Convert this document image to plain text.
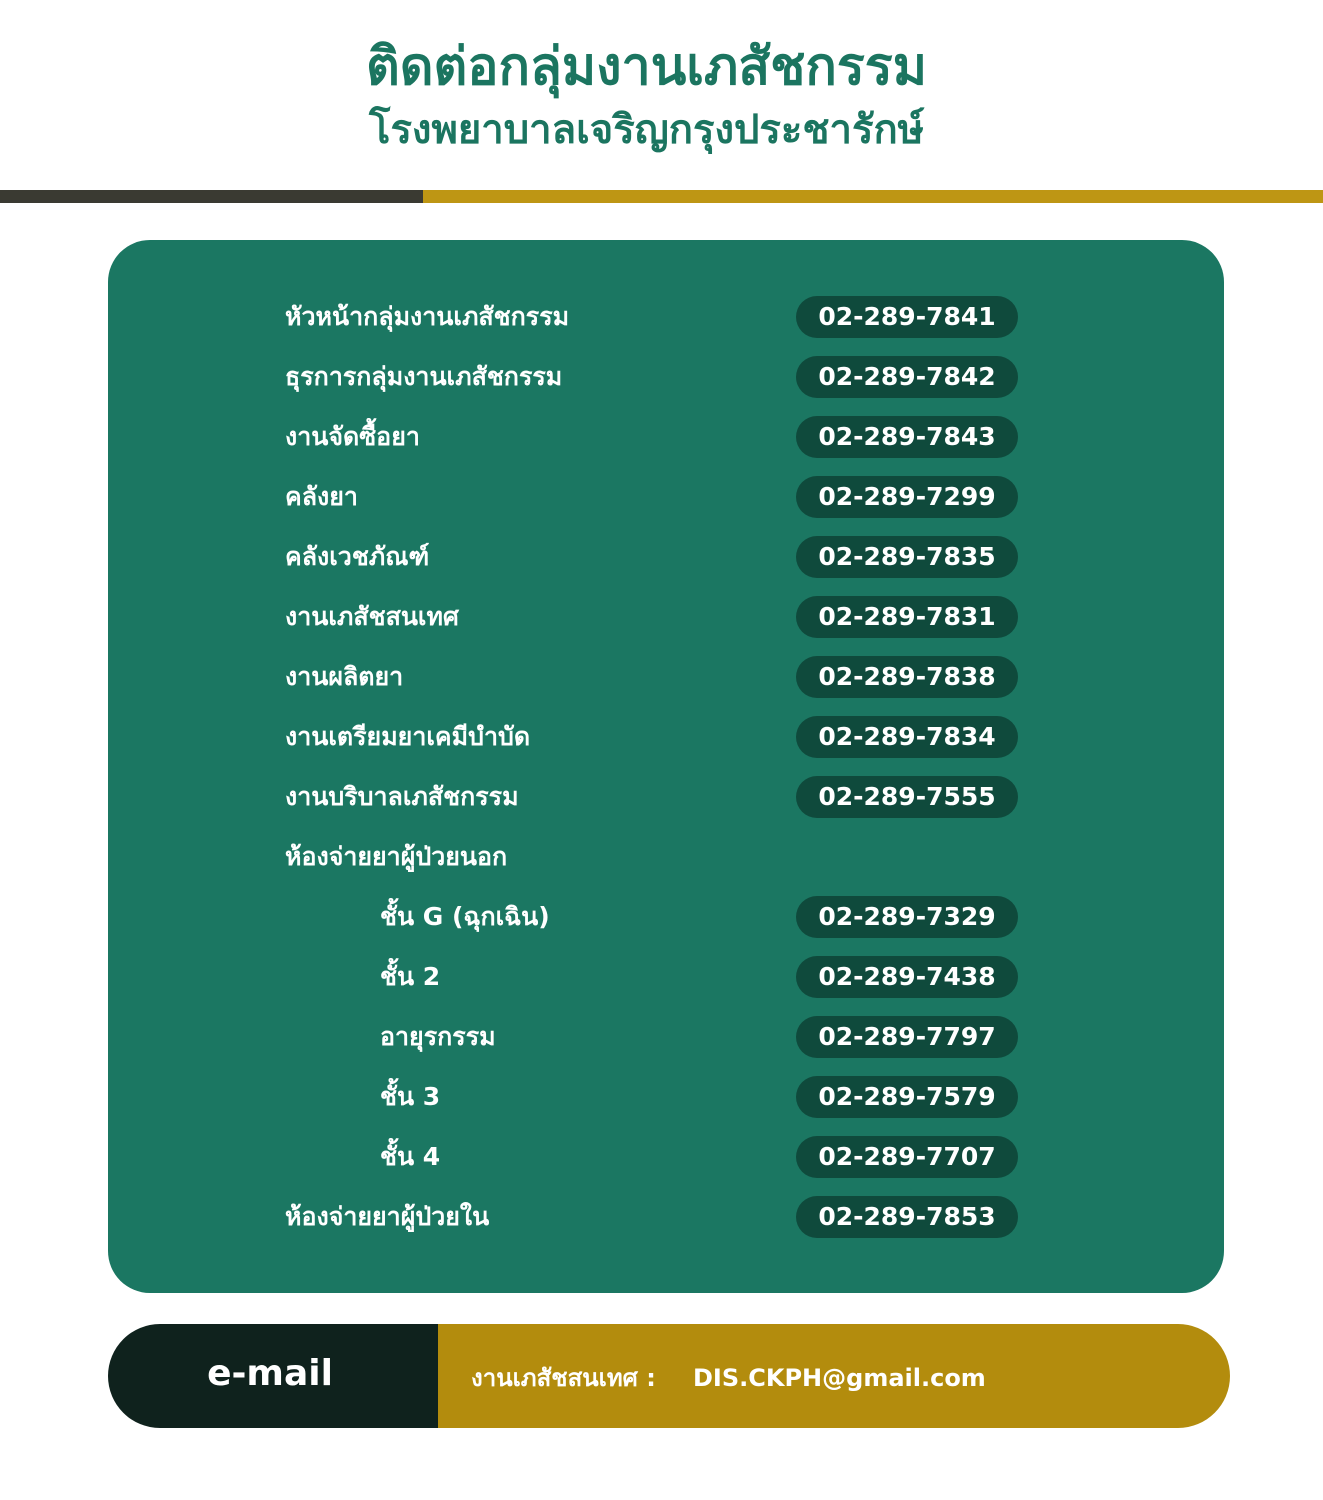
ติดต่อกลุ่มงานเภสัชกรรม
โรงพยาบาลเจริญกรุงประชารักษ์
หัวหน้ากลุ่มงานเภสัชกรรม	02-289-7841
ธุรการกลุ่มงานเภสัชกรรม	02-289-7842
งานจัดซื้อยา	02-289-7843
คลังยา	02-289-7299
คลังเวชภัณฑ์	02-289-7835
งานเภสัชสนเทศ	02-289-7831
งานผลิตยา	02-289-7838
งานเตรียมยาเคมีบำบัด	02-289-7834
งานบริบาลเภสัชกรรม	02-289-7555
ห้องจ่ายยาผู้ป่วยนอก
ชั้น G (ฉุกเฉิน)	02-289-7329
ชั้น 2	02-289-7438
อายุรกรรม	02-289-7797
ชั้น 3	02-289-7579
ชั้น 4	02-289-7707
ห้องจ่ายยาผู้ป่วยใน	02-289-7853
e-mail	งานเภสัชสนเทศ : DIS.CKPH@gmail.com
